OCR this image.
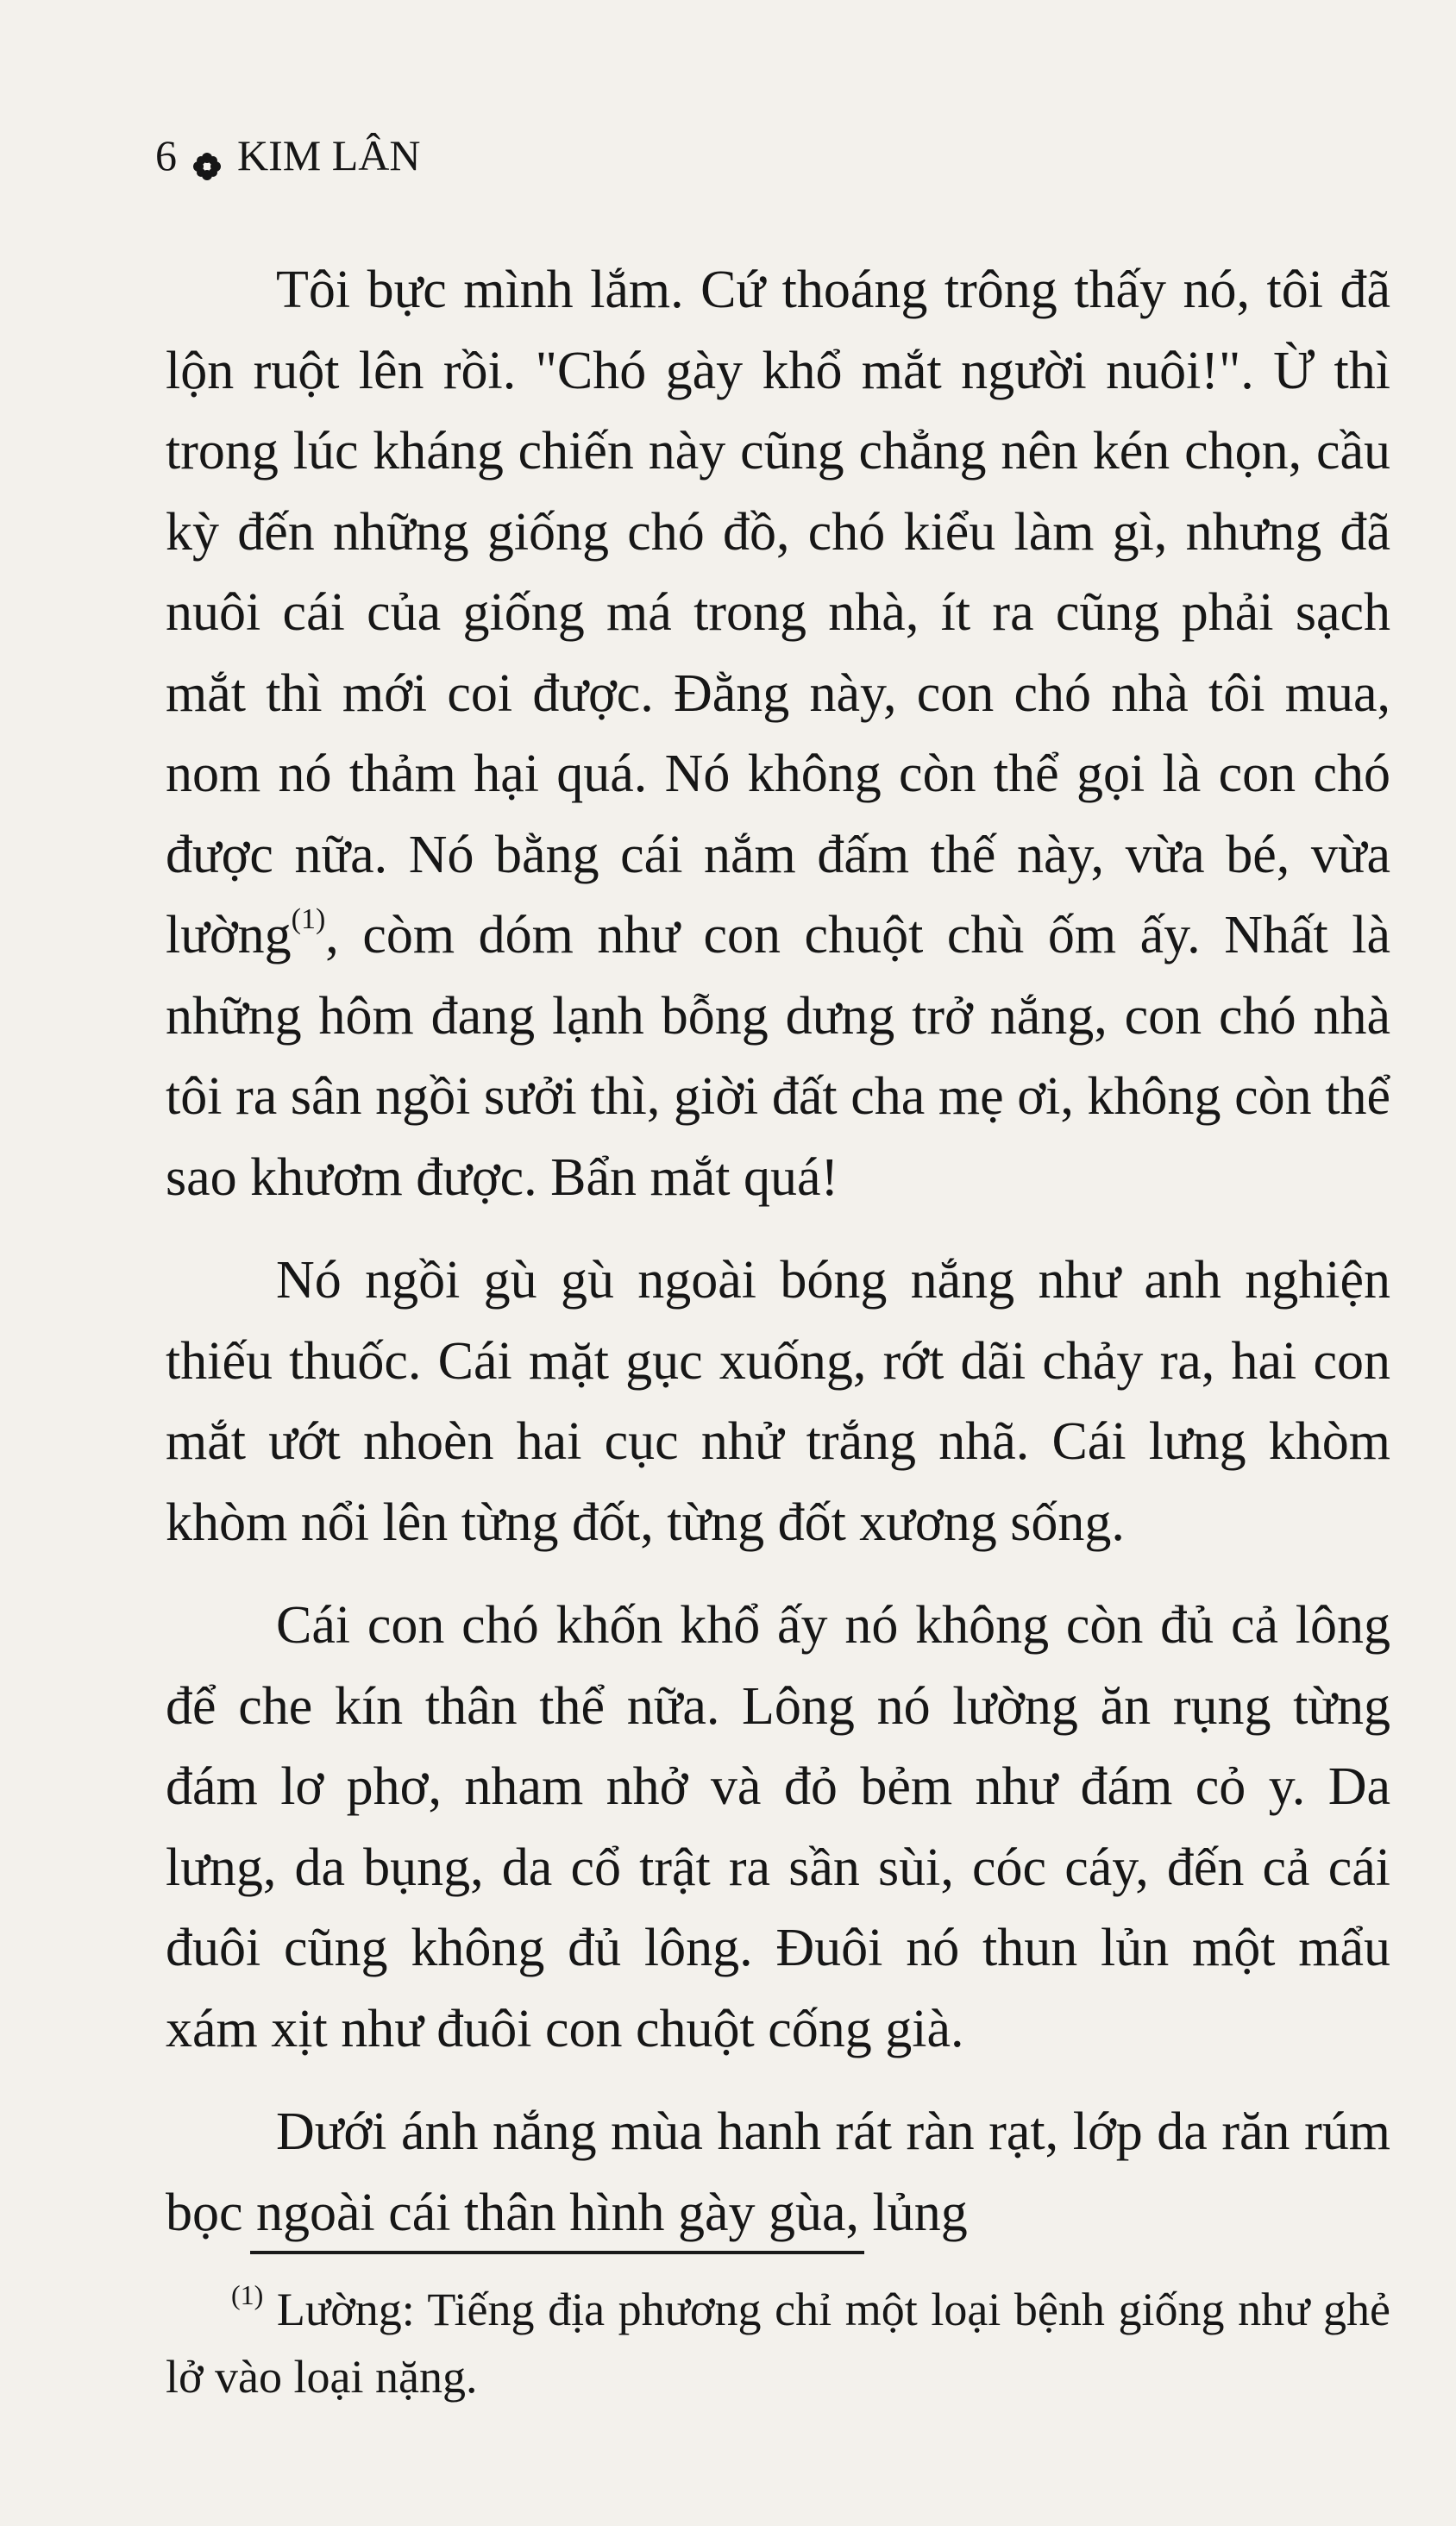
6 KIM LÂN

Tôi bực mình lắm. Cứ thoáng trông thấy nó, tôi đã lộn ruột lên rồi. "Chó gày khổ mắt người nuôi!". Ừ thì trong lúc kháng chiến này cũng chẳng nên kén chọn, cầu kỳ đến những giống chó đồ, chó kiểu làm gì, nhưng đã nuôi cái của giống má trong nhà, ít ra cũng phải sạch mắt thì mới coi được. Đằng này, con chó nhà tôi mua, nom nó thảm hại quá. Nó không còn thể gọi là con chó được nữa. Nó bằng cái nắm đấm thế này, vừa bé, vừa lường$^{(1)}$, còm dóm như con chuột chù ốm ấy. Nhất là những hôm đang lạnh bỗng dưng trở nắng, con chó nhà tôi ra sân ngồi sưởi thì, giời đất cha mẹ ơi, không còn thể sao khươm được. Bẩn mắt quá!

Nó ngồi gù gù ngoài bóng nắng như anh nghiện thiếu thuốc. Cái mặt gục xuống, rớt dãi chảy ra, hai con mắt ướt nhoèn hai cục nhử trắng nhã. Cái lưng khòm khòm nổi lên từng đốt, từng đốt xương sống.

Cái con chó khốn khổ ấy nó không còn đủ cả lông để che kín thân thể nữa. Lông nó lường ăn rụng từng đám lơ phơ, nham nhở và đỏ bẻm như đám cỏ y. Da lưng, da bụng, da cổ trật ra sần sùi, cóc cáy, đến cả cái đuôi cũng không đủ lông. Đuôi nó thun lủn một mẩu xám xịt như đuôi con chuột cống già.

Dưới ánh nắng mùa hanh rát ràn rạt, lớp da răn rúm bọc ngoài cái thân hình gày gùa, lủng

$^{(1)}$ Lường: Tiếng địa phương chỉ một loại bệnh giống như ghẻ lở vào loại nặng.
